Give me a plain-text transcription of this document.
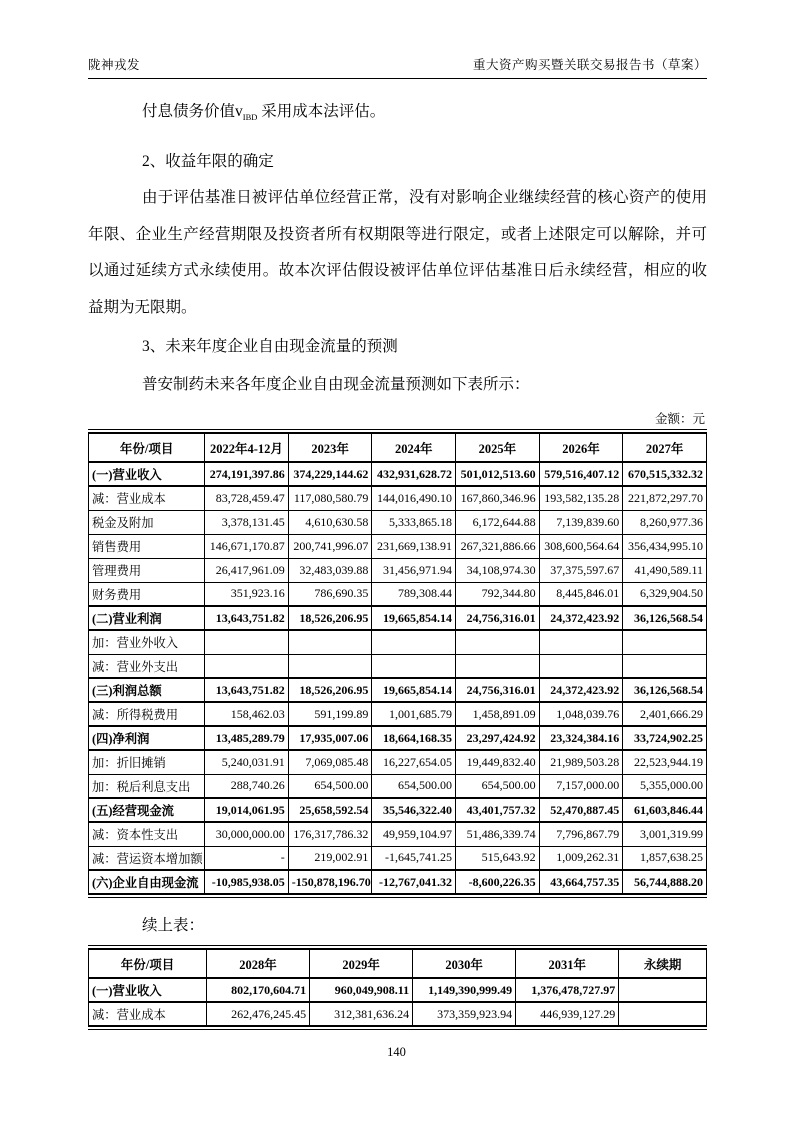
陇神戎发	重大资产购买暨关联交易报告书（草案）

付息债务价值$v_{IBD}$ 采用成本法评估。

2、收益年限的确定

由于评估基准日被评估单位经营正常，没有对影响企业继续经营的核心资产的使用年限、企业生产经营期限及投资者所有权期限等进行限定，或者上述限定可以解除，并可以通过延续方式永续使用。故本次评估假设被评估单位评估基准日后永续经营，相应的收益期为无限期。

3、未来年度企业自由现金流量的预测

普安制药未来各年度企业自由现金流量预测如下表所示：

金额：元
年份/项目	2022年4-12月	2023年	2024年	2025年	2026年	2027年
(一)营业收入	274,191,397.86	374,229,144.62	432,931,628.72	501,012,513.60	579,516,407.12	670,515,332.32
减：营业成本	83,728,459.47	117,080,580.79	144,016,490.10	167,860,346.96	193,582,135.28	221,872,297.70
税金及附加	3,378,131.45	4,610,630.58	5,333,865.18	6,172,644.88	7,139,839.60	8,260,977.36
销售费用	146,671,170.87	200,741,996.07	231,669,138.91	267,321,886.66	308,600,564.64	356,434,995.10
管理费用	26,417,961.09	32,483,039.88	31,456,971.94	34,108,974.30	37,375,597.67	41,490,589.11
财务费用	351,923.16	786,690.35	789,308.44	792,344.80	8,445,846.01	6,329,904.50
(二)营业利润	13,643,751.82	18,526,206.95	19,665,854.14	24,756,316.01	24,372,423.92	36,126,568.54
加：营业外收入						
减：营业外支出						
(三)利润总额	13,643,751.82	18,526,206.95	19,665,854.14	24,756,316.01	24,372,423.92	36,126,568.54
减：所得税费用	158,462.03	591,199.89	1,001,685.79	1,458,891.09	1,048,039.76	2,401,666.29
(四)净利润	13,485,289.79	17,935,007.06	18,664,168.35	23,297,424.92	23,324,384.16	33,724,902.25
加：折旧摊销	5,240,031.91	7,069,085.48	16,227,654.05	19,449,832.40	21,989,503.28	22,523,944.19
加：税后利息支出	288,740.26	654,500.00	654,500.00	654,500.00	7,157,000.00	5,355,000.00
(五)经营现金流	19,014,061.95	25,658,592.54	35,546,322.40	43,401,757.32	52,470,887.45	61,603,846.44
减：资本性支出	30,000,000.00	176,317,786.32	49,959,104.97	51,486,339.74	7,796,867.79	3,001,319.99
减：营运资本增加额	-	219,002.91	-1,645,741.25	515,643.92	1,009,262.31	1,857,638.25
(六)企业自由现金流	-10,985,938.05	-150,878,196.70	-12,767,041.32	-8,600,226.35	43,664,757.35	56,744,888.20

续上表：

年份/项目	2028年	2029年	2030年	2031年	永续期
(一)营业收入	802,170,604.71	960,049,908.11	1,149,390,999.49	1,376,478,727.97	
减：营业成本	262,476,245.45	312,381,636.24	373,359,923.94	446,939,127.29	
140
